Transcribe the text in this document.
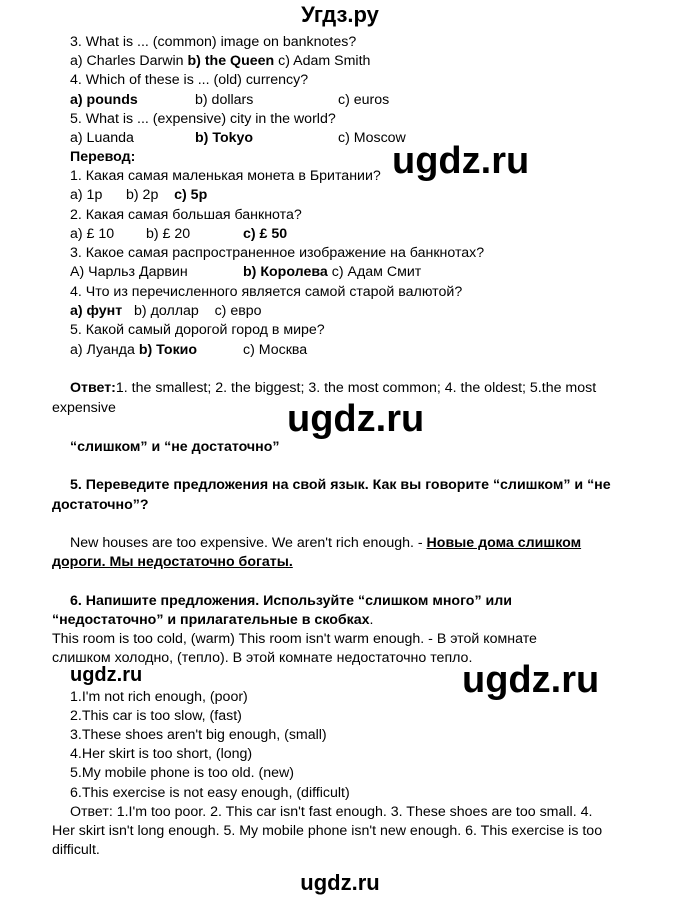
Угдз.ру
3. What is ... (common) image on banknotes?
a) Charles Darwin b) the Queen c) Adam Smith
4. Which of these is ... (old) currency?
a) pounds	b) dollars	c) euros
5. What is ... (expensive) city in the world?
a) Luanda	b) Tokyo	c) Moscow
Перевод:
1. Какая самая маленькая монета в Британии?
a) 1p b) 2p c) 5p
2. Какая самая большая банкнота?
a) £ 10 b) £ 20	c) £ 50
3. Какое самая распространенное изображение на банкнотах?
А) Чарльз Дарвин	b) Королева c) Адам Смит
4. Что из перечисленного является самой старой валютой?
a) фунт b) доллар c) евро
5. Какой самый дорогой город в мире?
a) Луанда b) Токио	c) Москва
Ответ:1. the smallest; 2. the biggest; 3. the most common; 4. the oldest; 5.the most
expensive
“слишком” и “не достаточно”
5. Переведите предложения на свой язык. Как вы говорите “слишком” и “не
достаточно”?
New houses are too expensive. We aren't rich enough. - Новые дома слишком
дороги. Мы недостаточно богаты.
6. Напишите предложения. Используйте “слишком много” или
“недостаточно” и прилагательные в скобках.
This room is too cold, (warm) This room isn't warm enough. - В этой комнате
слишком холодно, (тепло). В этой комнате недостаточно тепло.
1.I'm not rich enough, (poor)
2.This car is too slow, (fast)
3.These shoes aren't big enough, (small)
4.Her skirt is too short, (long)
5.My mobile phone is too old. (new)
6.This exercise is not easy enough, (difficult)
Ответ: 1.I'm too poor. 2. This car isn't fast enough. 3. These shoes are too small. 4.
Her skirt isn't long enough. 5. My mobile phone isn't new enough. 6. This exercise is too
difficult.
ugdz.ru
ugdz.ru
ugdz.ru
ugdz.ru
ugdz.ru
